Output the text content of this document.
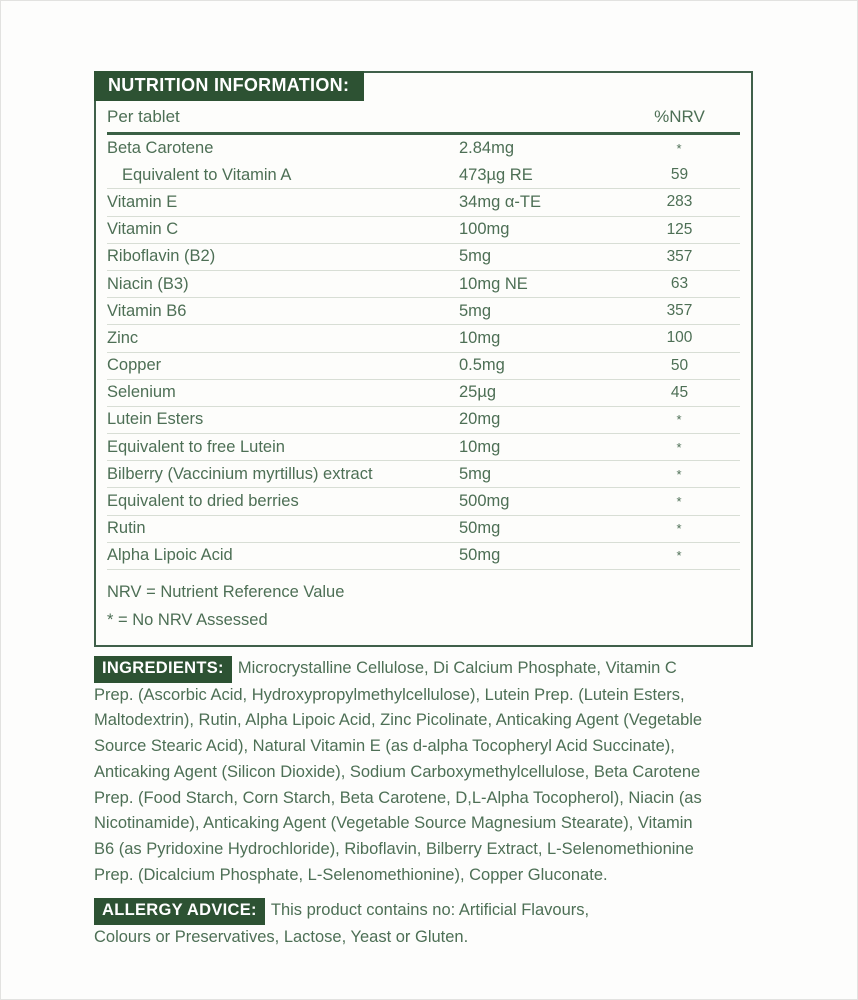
NUTRITION INFORMATION:
Per tablet	%NRV
Beta Carotene	2.84mg	*
Equivalent to Vitamin A	473µg RE	59
Vitamin E	34mg α-TE	283
Vitamin C	100mg	125
Riboflavin (B2)	5mg	357
Niacin (B3)	10mg NE	63
Vitamin B6	5mg	357
Zinc	10mg	100
Copper	0.5mg	50
Selenium	25µg	45
Lutein Esters	20mg	*
Equivalent to free Lutein	10mg	*
Bilberry (Vaccinium myrtillus) extract	5mg	*
Equivalent to dried berries	500mg	*
Rutin	50mg	*
Alpha Lipoic Acid	50mg	*
NRV = Nutrient Reference Value
* = No NRV Assessed
INGREDIENTS: Microcrystalline Cellulose, Di Calcium Phosphate, Vitamin C
Prep. (Ascorbic Acid, Hydroxypropylmethylcellulose), Lutein Prep. (Lutein Esters,
Maltodextrin), Rutin, Alpha Lipoic Acid, Zinc Picolinate, Anticaking Agent (Vegetable
Source Stearic Acid), Natural Vitamin E (as d-alpha Tocopheryl Acid Succinate),
Anticaking Agent (Silicon Dioxide), Sodium Carboxymethylcellulose, Beta Carotene
Prep. (Food Starch, Corn Starch, Beta Carotene, D,L-Alpha Tocopherol), Niacin (as
Nicotinamide), Anticaking Agent (Vegetable Source Magnesium Stearate), Vitamin
B6 (as Pyridoxine Hydrochloride), Riboflavin, Bilberry Extract, L-Selenomethionine
Prep. (Dicalcium Phosphate, L-Selenomethionine), Copper Gluconate.
ALLERGY ADVICE: This product contains no: Artificial Flavours,
Colours or Preservatives, Lactose, Yeast or Gluten.
